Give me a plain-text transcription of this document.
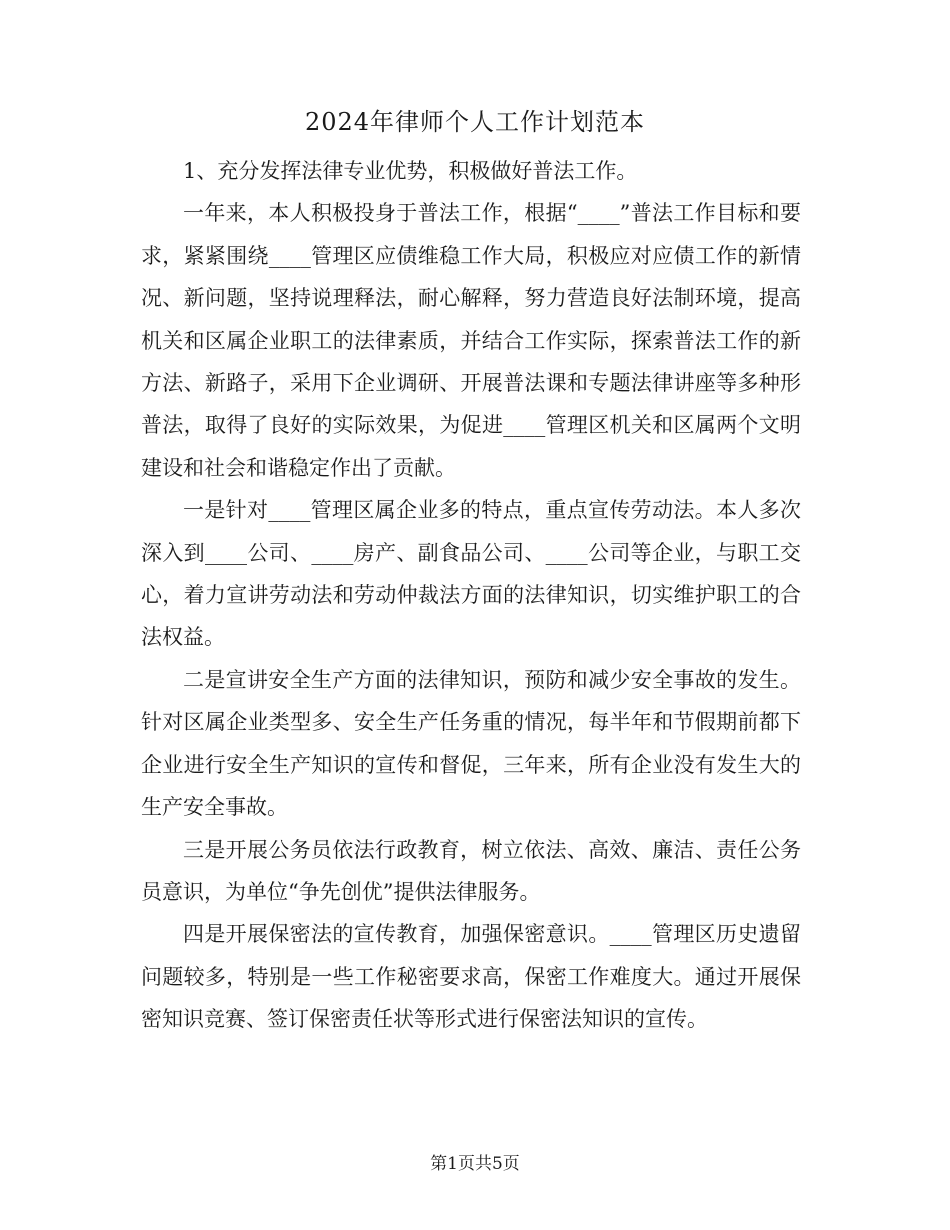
2024年律师个人工作计划范本

1、充分发挥法律专业优势，积极做好普法工作。

一年来，本人积极投身于普法工作，根据“____”普法工作目标和要求，紧紧围绕____管理区应债维稳工作大局，积极应对应债工作的新情况、新问题，坚持说理释法，耐心解释，努力营造良好法制环境，提高机关和区属企业职工的法律素质，并结合工作实际，探索普法工作的新方法、新路子，采用下企业调研、开展普法课和专题法律讲座等多种形普法，取得了良好的实际效果，为促进____管理区机关和区属两个文明建设和社会和谐稳定作出了贡献。

一是针对____管理区属企业多的特点，重点宣传劳动法。本人多次深入到____公司、____房产、副食品公司、____公司等企业，与职工交心，着力宣讲劳动法和劳动仲裁法方面的法律知识，切实维护职工的合法权益。

二是宣讲安全生产方面的法律知识，预防和减少安全事故的发生。针对区属企业类型多、安全生产任务重的情况，每半年和节假期前都下企业进行安全生产知识的宣传和督促，三年来，所有企业没有发生大的生产安全事故。

三是开展公务员依法行政教育，树立依法、高效、廉洁、责任公务员意识，为单位“争先创优”提供法律服务。

四是开展保密法的宣传教育，加强保密意识。____管理区历史遗留问题较多，特别是一些工作秘密要求高，保密工作难度大。通过开展保密知识竞赛、签订保密责任状等形式进行保密法知识的宣传。

第1页共5页
